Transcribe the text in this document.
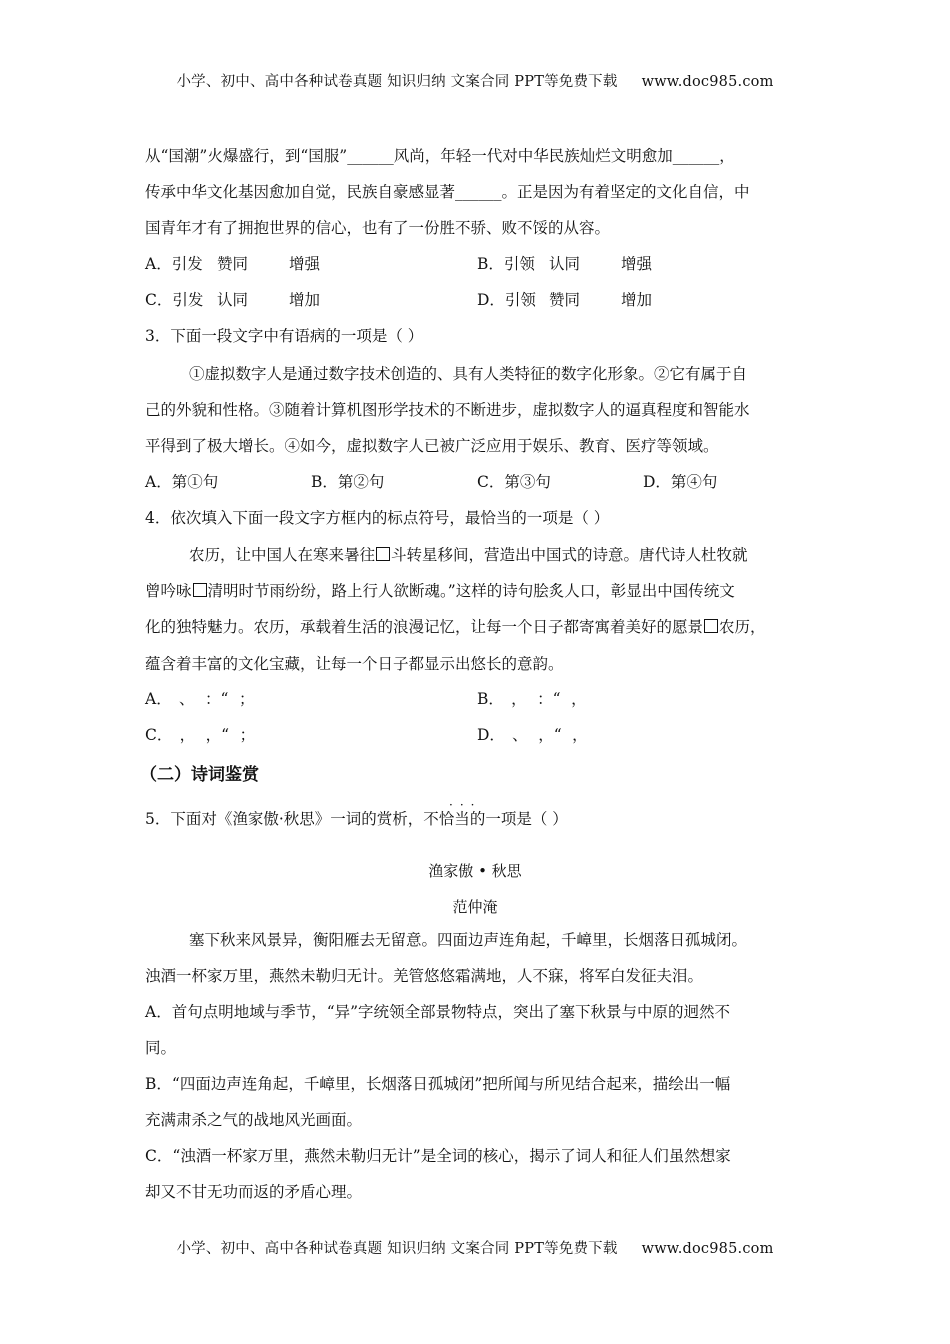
小学、初中、高中各种试卷真题 知识归纳 文案合同 PPT等免费下载 www.doc985.com
从“国潮”火爆盛行，到“国服”______风尚，年轻一代对中华民族灿烂文明愈加______，
传承中华文化基因愈加自觉，民族自豪感显著______。正是因为有着坚定的文化自信，中
国青年才有了拥抱世界的信心，也有了一份胜不骄、败不馁的从容。
A．引发 赞同	增强	B．引领 认同	增强
C．引发 认同	增加	D．引领 赞同	增加
3．下面一段文字中有语病的一项是（ ）
①虚拟数字人是通过数字技术创造的、具有人类特征的数字化形象。②它有属于自
己的外貌和性格。③随着计算机图形学技术的不断进步，虚拟数字人的逼真程度和智能水
平得到了极大增长。④如今，虚拟数字人已被广泛应用于娱乐、教育、医疗等领域。
A．第①句	B．第②句	C．第③句	D．第④句
4．依次填入下面一段文字方框内的标点符号，最恰当的一项是（ ）
农历，让中国人在寒来暑往 斗转星移间，营造出中国式的诗意。唐代诗人杜牧就
曾吟咏 清明时节雨纷纷，路上行人欲断魂。”这样的诗句脍炙人口，彰显出中国传统文
化的独特魅力。农历，承载着生活的浪漫记忆，让每一个日子都寄寓着美好的愿景 农历，
蕴含着丰富的文化宝藏，让每一个日子都显示出悠长的意韵。
A． 、 ：“ ；	B． ， ：“ ，
C． ， ，“ ；	D． 、 ，“ ，
（二）诗词鉴赏
···
5．下面对《渔家傲·秋思》一词的赏析，不恰当的一项是（ ）
渔家傲 • 秋思
范仲淹
塞下秋来风景异，衡阳雁去无留意。四面边声连角起，千嶂里，长烟落日孤城闭。
浊酒一杯家万里，燕然未勒归无计。羌管悠悠霜满地，人不寐，将军白发征夫泪。
A．首句点明地域与季节，“异”字统领全部景物特点，突出了塞下秋景与中原的迥然不
同。
B．“四面边声连角起，千嶂里，长烟落日孤城闭”把所闻与所见结合起来，描绘出一幅
充满肃杀之气的战地风光画面。
C．“浊酒一杯家万里，燕然未勒归无计”是全词的核心，揭示了词人和征人们虽然想家
却又不甘无功而返的矛盾心理。
小学、初中、高中各种试卷真题 知识归纳 文案合同 PPT等免费下载 www.doc985.com
